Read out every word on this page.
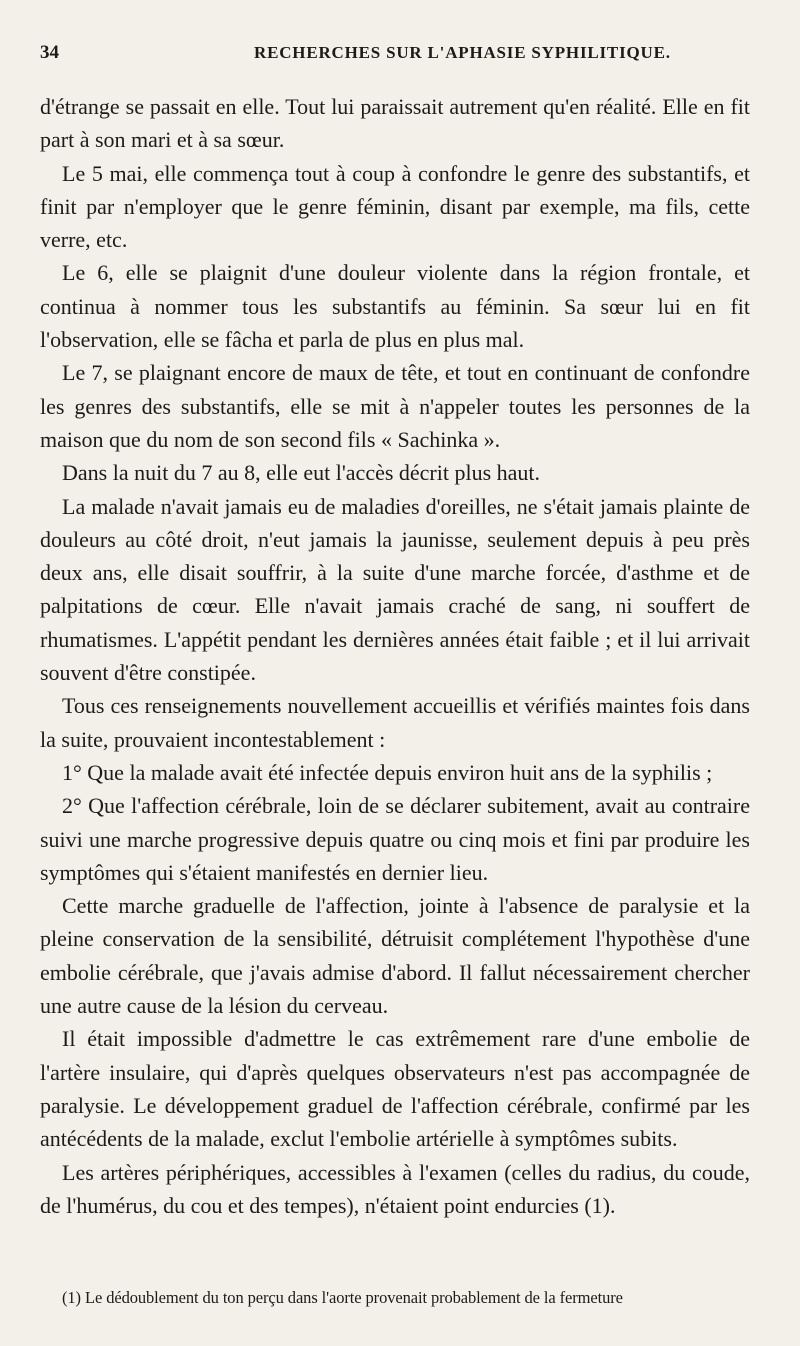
34	RECHERCHES SUR L'APHASIE SYPHILITIQUE.

d'étrange se passait en elle. Tout lui paraissait autrement qu'en réalité. Elle en fit part à son mari et à sa sœur.

Le 5 mai, elle commença tout à coup à confondre le genre des substantifs, et finit par n'employer que le genre féminin, disant par exemple, ma fils, cette verre, etc.

Le 6, elle se plaignit d'une douleur violente dans la région frontale, et continua à nommer tous les substantifs au féminin. Sa sœur lui en fit l'observation, elle se fâcha et parla de plus en plus mal.

Le 7, se plaignant encore de maux de tête, et tout en continuant de confondre les genres des substantifs, elle se mit à n'appeler toutes les personnes de la maison que du nom de son second fils « Sachinka ».

Dans la nuit du 7 au 8, elle eut l'accès décrit plus haut.

La malade n'avait jamais eu de maladies d'oreilles, ne s'était jamais plainte de douleurs au côté droit, n'eut jamais la jaunisse, seulement depuis à peu près deux ans, elle disait souffrir, à la suite d'une marche forcée, d'asthme et de palpitations de cœur. Elle n'avait jamais craché de sang, ni souffert de rhumatismes. L'appétit pendant les dernières années était faible ; et il lui arrivait souvent d'être constipée.

Tous ces renseignements nouvellement accueillis et vérifiés maintes fois dans la suite, prouvaient incontestablement :

1° Que la malade avait été infectée depuis environ huit ans de la syphilis ;

2° Que l'affection cérébrale, loin de se déclarer subitement, avait au contraire suivi une marche progressive depuis quatre ou cinq mois et fini par produire les symptômes qui s'étaient manifestés en dernier lieu.

Cette marche graduelle de l'affection, jointe à l'absence de paralysie et la pleine conservation de la sensibilité, détruisit complétement l'hypothèse d'une embolie cérébrale, que j'avais admise d'abord. Il fallut nécessairement chercher une autre cause de la lésion du cerveau.

Il était impossible d'admettre le cas extrêmement rare d'une embolie de l'artère insulaire, qui d'après quelques observateurs n'est pas accompagnée de paralysie. Le développement graduel de l'affection cérébrale, confirmé par les antécédents de la malade, exclut l'embolie artérielle à symptômes subits.

Les artères périphériques, accessibles à l'examen (celles du radius, du coude, de l'humérus, du cou et des tempes), n'étaient point endurcies (1).

(1) Le dédoublement du ton perçu dans l'aorte provenait probablement de la fermeture
